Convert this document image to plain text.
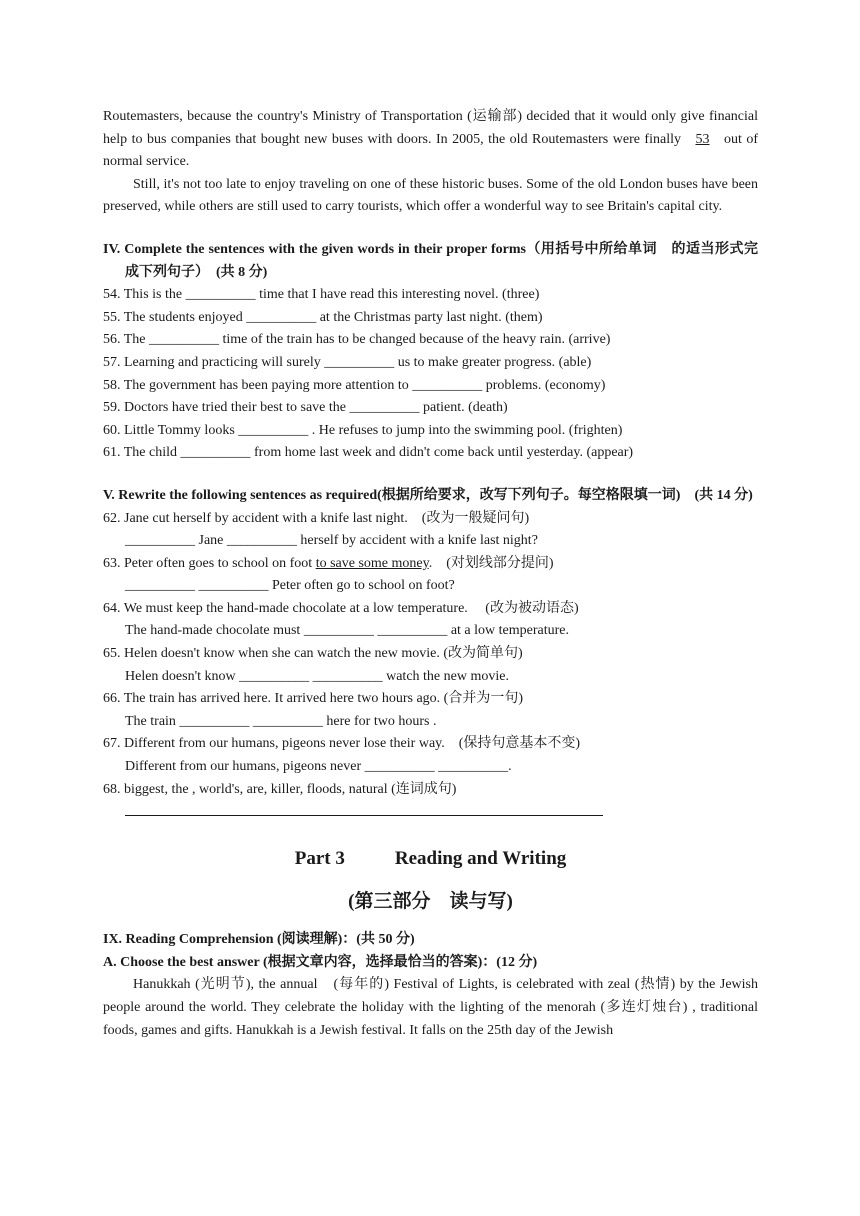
Routemasters, because the country's Ministry of Transportation (运输部) decided that it would only give financial help to bus companies that bought new buses with doors. In 2005, the old Routemasters were finally 53 out of normal service.

Still, it's not too late to enjoy traveling on one of these historic buses. Some of the old London buses have been preserved, while others are still used to carry tourists, which offer a wonderful way to see Britain's capital city.

IV. Complete the sentences with the given words in their proper forms（用括号中所给单词　的适当形式完成下列句子）　(共 8 分)

54. This is the __________ time that I have read this interesting novel. (three)

55. The students enjoyed __________ at the Christmas party last night. (them)

56. The __________ time of the train has to be changed because of the heavy rain. (arrive)

57. Learning and practicing will surely __________ us to make greater progress. (able)

58. The government has been paying more attention to __________ problems. (economy)

59. Doctors have tried their best to save the __________ patient. (death)

60. Little Tommy looks __________ . He refuses to jump into the swimming pool. (frighten)

61. The child __________ from home last week and didn't come back until yesterday. (appear)

V. Rewrite the following sentences as required(根据所给要求，改写下列句子。每空格限填一词)　(共 14 分)

62. Jane cut herself by accident with a knife last night.　(改为一般疑问句)

__________ Jane __________ herself by accident with a knife last night?

63. Peter often goes to school on foot to save some money.　(对划线部分提问)

__________ __________ Peter often go to school on foot?

64. We must keep the hand-made chocolate at a low temperature.　 (改为被动语态)

The hand-made chocolate must __________ __________ at a low temperature.

65. Helen doesn't know when she can watch the new movie. (改为简单句)

Helen doesn't know __________ __________ watch the new movie.

66. The train has arrived here. It arrived here two hours ago. (合并为一句)

The train __________ __________ here for two hours .

67. Different from our humans, pigeons never lose their way.　(保持句意基本不变)

Different from our humans, pigeons never __________ __________.

68. biggest, the , world's, are, killer, floods, natural (连词成句)

Part 3	Reading and Writing

(第三部分　读与写)

IX. Reading Comprehension (阅读理解)：(共 50 分)

A. Choose the best answer (根据文章内容，选择最恰当的答案)：(12 分)

Hanukkah (光明节), the annual　(每年的) Festival of Lights, is celebrated with zeal (热情) by the Jewish people around the world. They celebrate the holiday with the lighting of the menorah (多连灯烛台) , traditional foods, games and gifts. Hanukkah is a Jewish festival. It falls on the 25th day of the Jewish
